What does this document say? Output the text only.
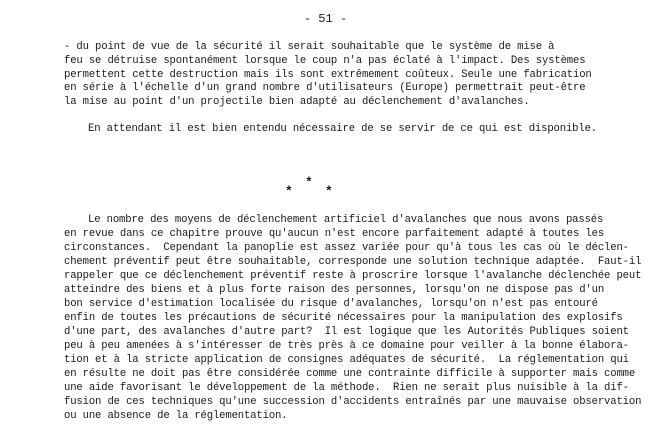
- 51 -
- du point de vue de la sécurité il serait souhaitable que le système de mise à
feu se détruise spontanément lorsque le coup n'a pas éclaté à l'impact. Des systèmes
permettent cette destruction mais ils sont extrêmement coûteux. Seule une fabrication
en série à l'échelle d'un grand nombre d'utilisateurs (Europe) permettrait peut-être
la mise au point d'un projectile bien adapté au déclenchement d'avalanches.
En attendant il est bien entendu nécessaire de se servir de ce qui est disponible.
*
*
*
Le nombre des moyens de déclenchement artificiel d'avalanches que nous avons passés
en revue dans ce chapitre prouve qu'aucun n'est encore parfaitement adapté à toutes les
circonstances.  Cependant la panoplie est assez variée pour qu'à tous les cas où le déclen-
chement préventif peut être souhaitable, corresponde une solution technique adaptée.  Faut-il
rappeler que ce déclenchement préventif reste à proscrire lorsque l'avalanche déclenchée peut
atteindre des biens et à plus forte raison des personnes, lorsqu'on ne dispose pas d'un
bon service d'estimation localisée du risque d'avalanches, lorsqu'on n'est pas entouré
enfin de toutes les précautions de sécurité nécessaires pour la manipulation des explosifs
d'une part, des avalanches d'autre part?  Il est logique que les Autorités Publiques soient
peu à peu amenées à s'intéresser de très près à ce domaine pour veiller à la bonne élabora-
tion et à la stricte application de consignes adéquates de sécurité.  La réglementation qui
en résulte ne doit pas être considérée comme une contrainte difficile à supporter mais comme
une aide favorisant le développement de la méthode.  Rien ne serait plus nuisible à la dif-
fusion de ces techniques qu'une succession d'accidents entraînés par une mauvaise observation
ou une absence de la réglementation.
